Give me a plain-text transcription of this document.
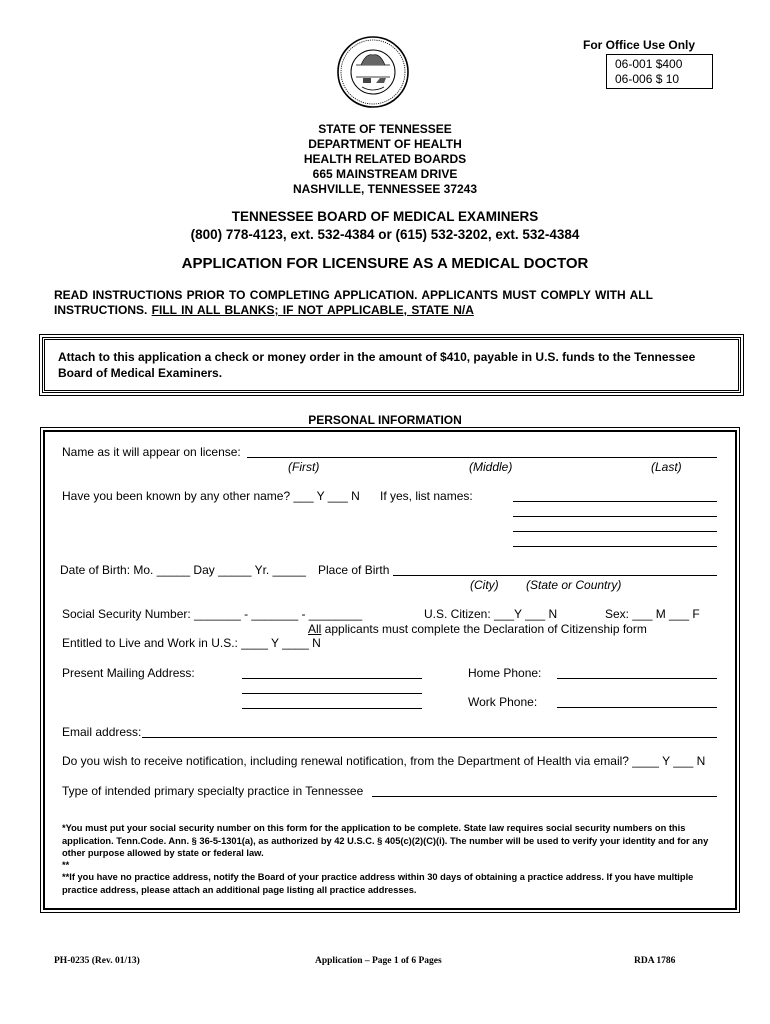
For Office Use Only
06-001 $400
06-006 $ 10
STATE OF TENNESSEE
DEPARTMENT OF HEALTH
HEALTH RELATED BOARDS
665 MAINSTREAM DRIVE
NASHVILLE, TENNESSEE 37243
TENNESSEE BOARD OF MEDICAL EXAMINERS
(800) 778-4123, ext. 532-4384 or (615) 532-3202, ext. 532-4384
APPLICATION FOR LICENSURE AS A MEDICAL DOCTOR
READ INSTRUCTIONS PRIOR TO COMPLETING APPLICATION. APPLICANTS MUST COMPLY WITH ALL INSTRUCTIONS. FILL IN ALL BLANKS; IF NOT APPLICABLE, STATE N/A
Attach to this application a check or money order in the amount of $410, payable in U.S. funds to the Tennessee Board of Medical Examiners.
PERSONAL INFORMATION
Name as it will appear on license:
(First)	(Middle)	(Last)
Have you been known by any other name? ___ Y ___ N If yes, list names:
Date of Birth: Mo. _____ Day _____ Yr. _____ Place of Birth
(City) (State or Country)
Social Security Number: _______ - _______ - ________	U.S. Citizen: ___Y ___ N	Sex: ___ M ___ F
All applicants must complete the Declaration of Citizenship form
Entitled to Live and Work in U.S.: ____ Y ____ N
Present Mailing Address:	Home Phone:
Work Phone:
Email address:
Do you wish to receive notification, including renewal notification, from the Department of Health via email? ____ Y ___ N
Type of intended primary specialty practice in Tennessee
*You must put your social security number on this form for the application to be complete. State law requires social security numbers on this application. Tenn.Code. Ann. § 36-5-1301(a), as authorized by 42 U.S.C. § 405(c)(2)(C)(i). The number will be used to verify your identity and for any other purpose allowed by state or federal law.
**
**If you have no practice address, notify the Board of your practice address within 30 days of obtaining a practice address. If you have multiple practice address, please attach an additional page listing all practice addresses.
PH-0235 (Rev. 01/13)	Application – Page 1 of 6 Pages	RDA 1786
